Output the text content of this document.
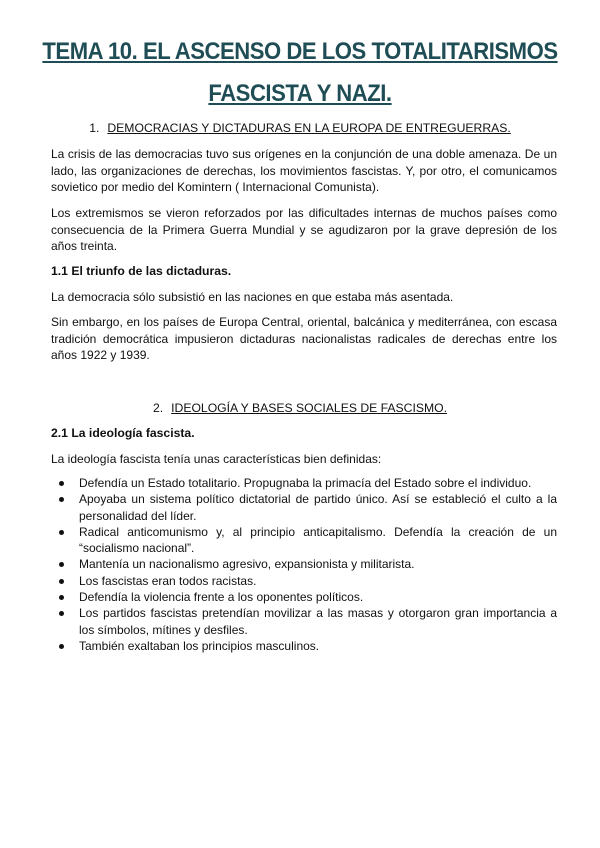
TEMA 10. EL ASCENSO DE LOS TOTALITARISMOS
FASCISTA Y NAZI.
1. DEMOCRACIAS Y DICTADURAS EN LA EUROPA DE ENTREGUERRAS.
La crisis de las democracias tuvo sus orígenes en la conjunción de una doble amenaza. De un lado, las organizaciones de derechas, los movimientos fascistas. Y, por otro, el comunicamos sovietico por medio del Komintern ( Internacional Comunista).
Los extremismos se vieron reforzados por las dificultades internas de muchos países como consecuencia de la Primera Guerra Mundial y se agudizaron por la grave depresión de los años treinta.
1.1 El triunfo de las dictaduras.
La democracia sólo subsistió en las naciones en que estaba más asentada.
Sin embargo, en los países de Europa Central, oriental, balcánica y mediterránea, con escasa tradición democrática impusieron dictaduras nacionalistas radicales de derechas entre los años 1922 y 1939.
2. IDEOLOGÍA Y BASES SOCIALES DE FASCISMO.
2.1 La ideología fascista.
La ideología fascista tenía unas características bien definidas:
Defendía un Estado totalitario. Propugnaba la primacía del Estado sobre el individuo.
Apoyaba un sistema político dictatorial de partido único. Así se estableció el culto a la personalidad del líder.
Radical anticomunismo y, al principio anticapitalismo. Defendía la creación de un “socialismo nacional”.
Mantenía un nacionalismo agresivo, expansionista y militarista.
Los fascistas eran todos racistas.
Defendía la violencia frente a los oponentes políticos.
Los partidos fascistas pretendían movilizar a las masas y otorgaron gran importancia a los símbolos, mítines y desfiles.
También exaltaban los principios masculinos.
